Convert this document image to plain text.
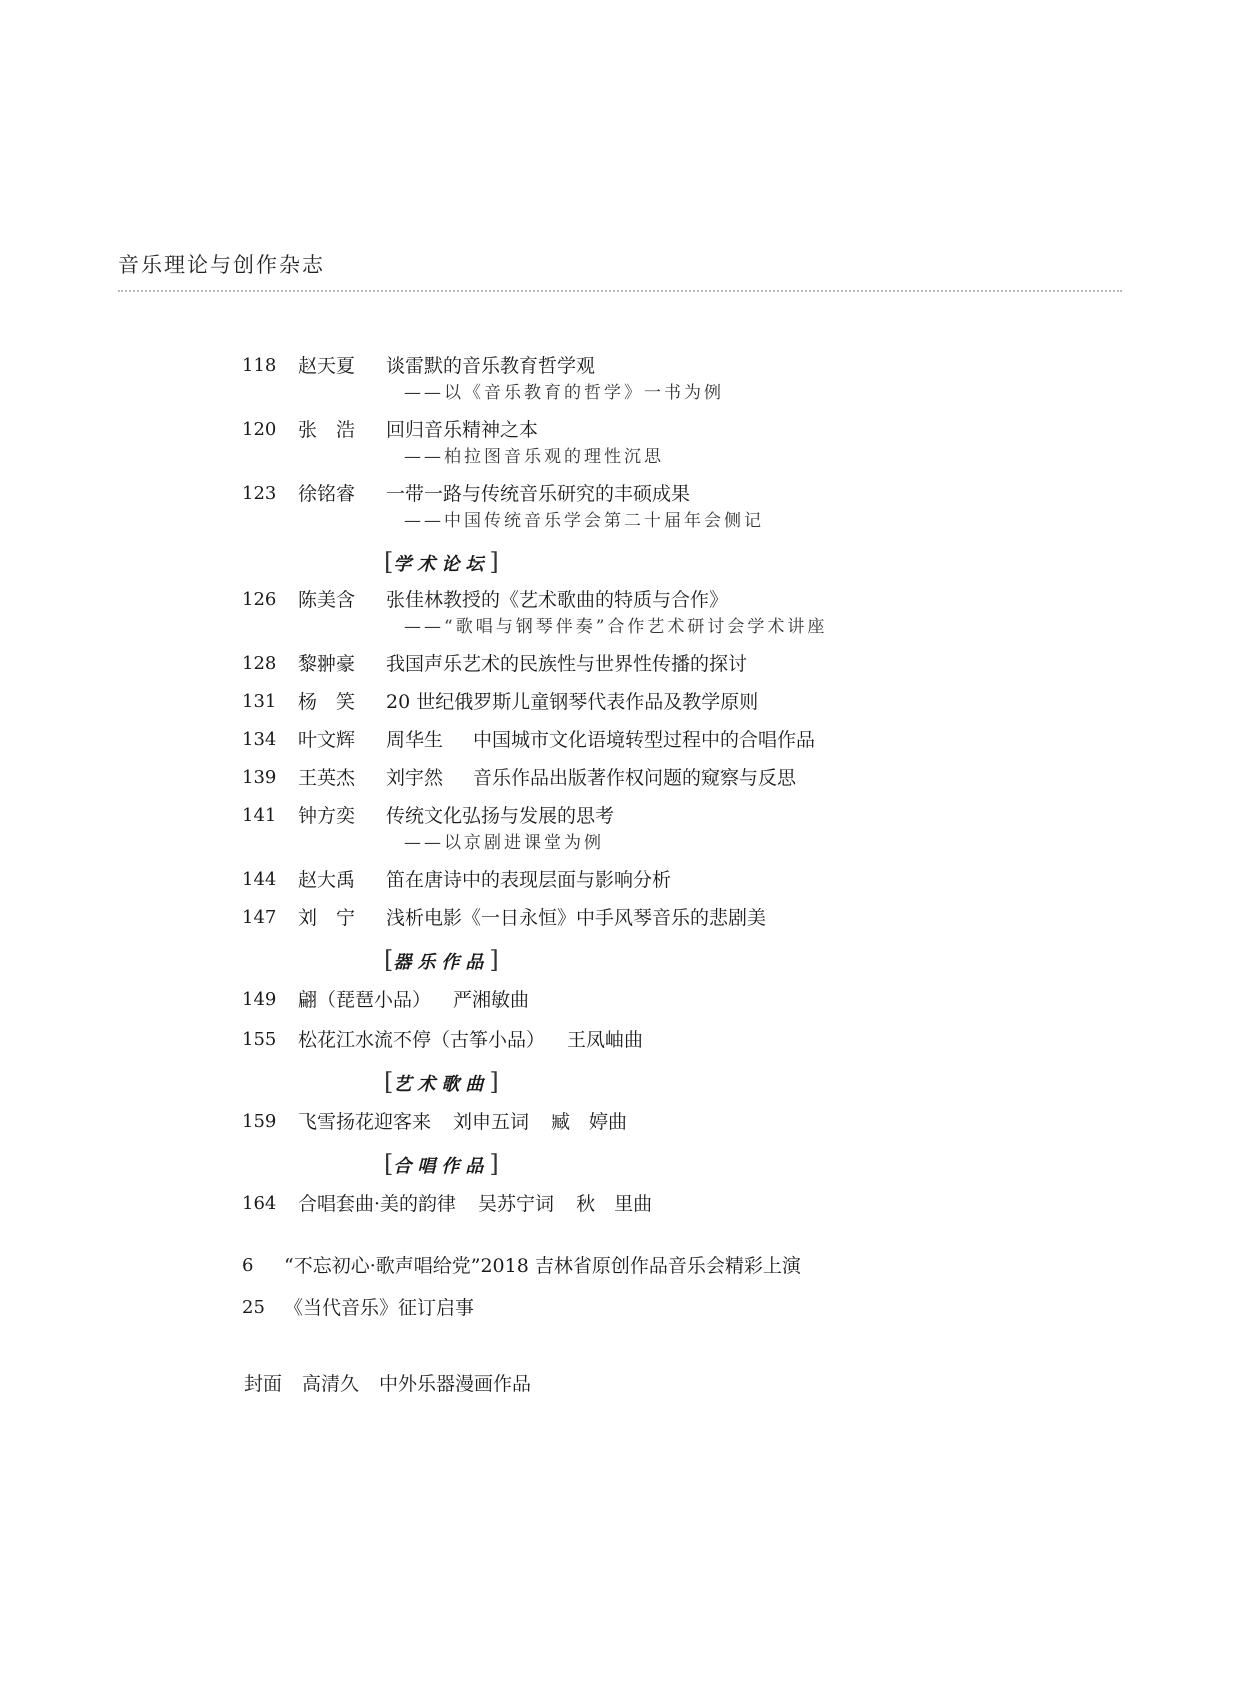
音乐理论与创作杂志
118 赵天夏 谈雷默的音乐教育哲学观
——以《音乐教育的哲学》一书为例
120 张　浩 回归音乐精神之本
——柏拉图音乐观的理性沉思
123 徐铭睿 一带一路与传统音乐研究的丰硕成果
——中国传统音乐学会第二十届年会侧记
[学术论坛]
126 陈美含 张佳林教授的《艺术歌曲的特质与合作》
——“歌唱与钢琴伴奏”合作艺术研讨会学术讲座
128 黎翀豪 我国声乐艺术的民族性与世界性传播的探讨
131 杨　笑 20 世纪俄罗斯儿童钢琴代表作品及教学原则
134 叶文辉 周华生 中国城市文化语境转型过程中的合唱作品
139 王英杰 刘宇然 音乐作品出版著作权问题的窥察与反思
141 钟方奕 传统文化弘扬与发展的思考
——以京剧进课堂为例
144 赵大禹 笛在唐诗中的表现层面与影响分析
147 刘　宁 浅析电影《一日永恒》中手风琴音乐的悲剧美
[器乐作品]
149 翩（琵琶小品） 严湘敏曲
155 松花江水流不停（古筝小品） 王凤岫曲
[艺术歌曲]
159 飞雪扬花迎客来 刘申五词 臧　婷曲
[合唱作品]
164 合唱套曲·美的韵律 吴苏宁词 秋　里曲
6 “不忘初心·歌声唱给党”2018 吉林省原创作品音乐会精彩上演
25 《当代音乐》征订启事
封面 高清久 中外乐器漫画作品
